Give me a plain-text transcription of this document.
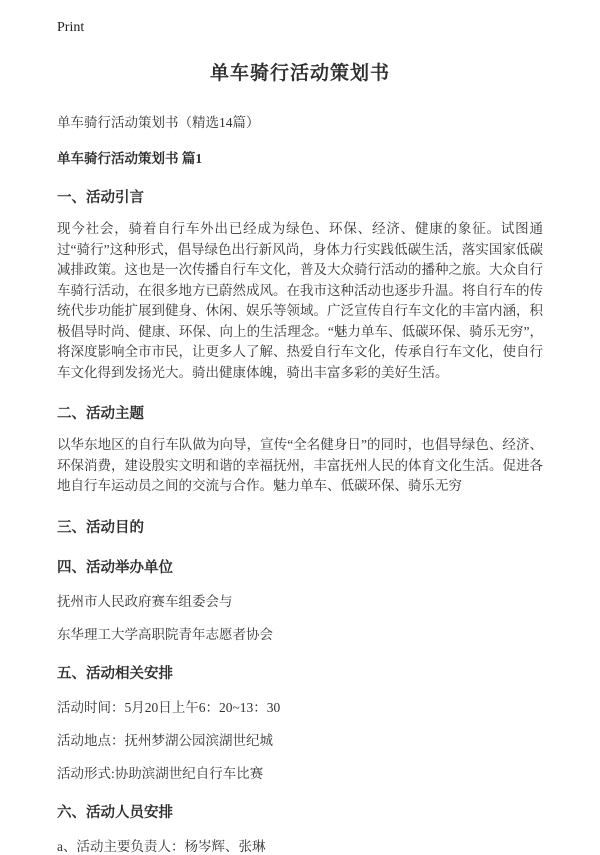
Print
单车骑行活动策划书

单车骑行活动策划书（精选14篇）

单车骑行活动策划书 篇1

一、活动引言

现今社会，骑着自行车外出已经成为绿色、环保、经济、健康的象征。试图通过“骑行”这种形式，倡导绿色出行新风尚，身体力行实践低碳生活，落实国家低碳减排政策。这也是一次传播自行车文化，普及大众骑行活动的播种之旅。大众自行车骑行活动，在很多地方已蔚然成风。在我市这种活动也逐步升温。将自行车的传统代步功能扩展到健身、休闲、娱乐等领域。广泛宣传自行车文化的丰富内涵，积极倡导时尚、健康、环保、向上的生活理念。“魅力单车、低碳环保、骑乐无穷”，将深度影响全市市民，让更多人了解、热爱自行车文化，传承自行车文化，使自行车文化得到发扬光大。骑出健康体魄，骑出丰富多彩的美好生活。

二、活动主题

以华东地区的自行车队做为向导，宣传“全名健身日”的同时，也倡导绿色、经济、环保消费，建设殷实文明和谐的幸福抚州，丰富抚州人民的体育文化生活。促进各地自行车运动员之间的交流与合作。魅力单车、低碳环保、骑乐无穷

三、活动目的
四、活动举办单位

抚州市人民政府赛车组委会与

东华理工大学高职院青年志愿者协会

五、活动相关安排

活动时间：5月20日上午6：20~13：30

活动地点：抚州梦湖公园滨湖世纪城

活动形式:协助滨湖世纪自行车比赛

六、活动人员安排

a、活动主要负责人：杨岑辉、张琳
